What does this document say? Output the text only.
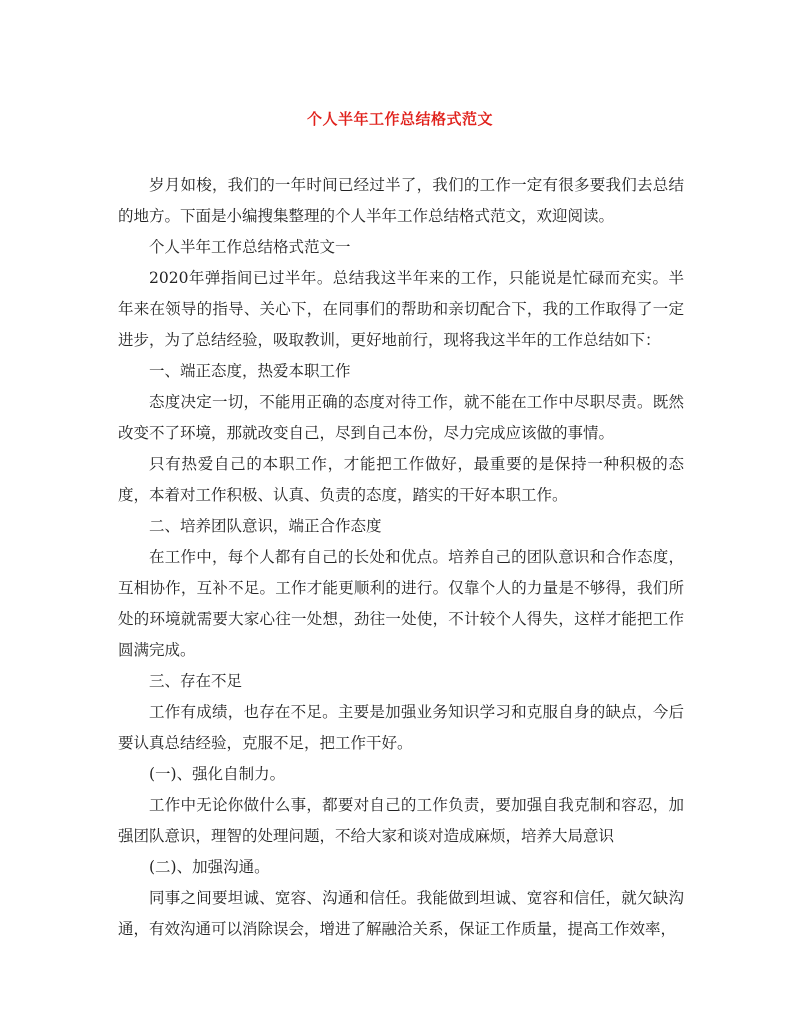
个人半年工作总结格式范文

岁月如梭，我们的一年时间已经过半了，我们的工作一定有很多要我们去总结的地方。下面是小编搜集整理的个人半年工作总结格式范文，欢迎阅读。

个人半年工作总结格式范文一

2020年弹指间已过半年。总结我这半年来的工作，只能说是忙碌而充实。半年来在领导的指导、关心下，在同事们的帮助和亲切配合下，我的工作取得了一定进步，为了总结经验，吸取教训，更好地前行，现将我这半年的工作总结如下：

一、端正态度，热爱本职工作

态度决定一切，不能用正确的态度对待工作，就不能在工作中尽职尽责。既然改变不了环境，那就改变自己，尽到自己本份，尽力完成应该做的事情。

只有热爱自己的本职工作，才能把工作做好，最重要的是保持一种积极的态度，本着对工作积极、认真、负责的态度，踏实的干好本职工作。

二、培养团队意识，端正合作态度

在工作中，每个人都有自己的长处和优点。培养自己的团队意识和合作态度，互相协作，互补不足。工作才能更顺利的进行。仅靠个人的力量是不够得，我们所处的环境就需要大家心往一处想，劲往一处使，不计较个人得失，这样才能把工作圆满完成。

三、存在不足

工作有成绩，也存在不足。主要是加强业务知识学习和克服自身的缺点，今后要认真总结经验，克服不足，把工作干好。

(一)、强化自制力。

工作中无论你做什么事，都要对自己的工作负责，要加强自我克制和容忍，加强团队意识，理智的处理问题，不给大家和谈对造成麻烦，培养大局意识

(二)、加强沟通。

同事之间要坦诚、宽容、沟通和信任。我能做到坦诚、宽容和信任，就欠缺沟通，有效沟通可以消除误会，增进了解融洽关系，保证工作质量，提高工作效率，
